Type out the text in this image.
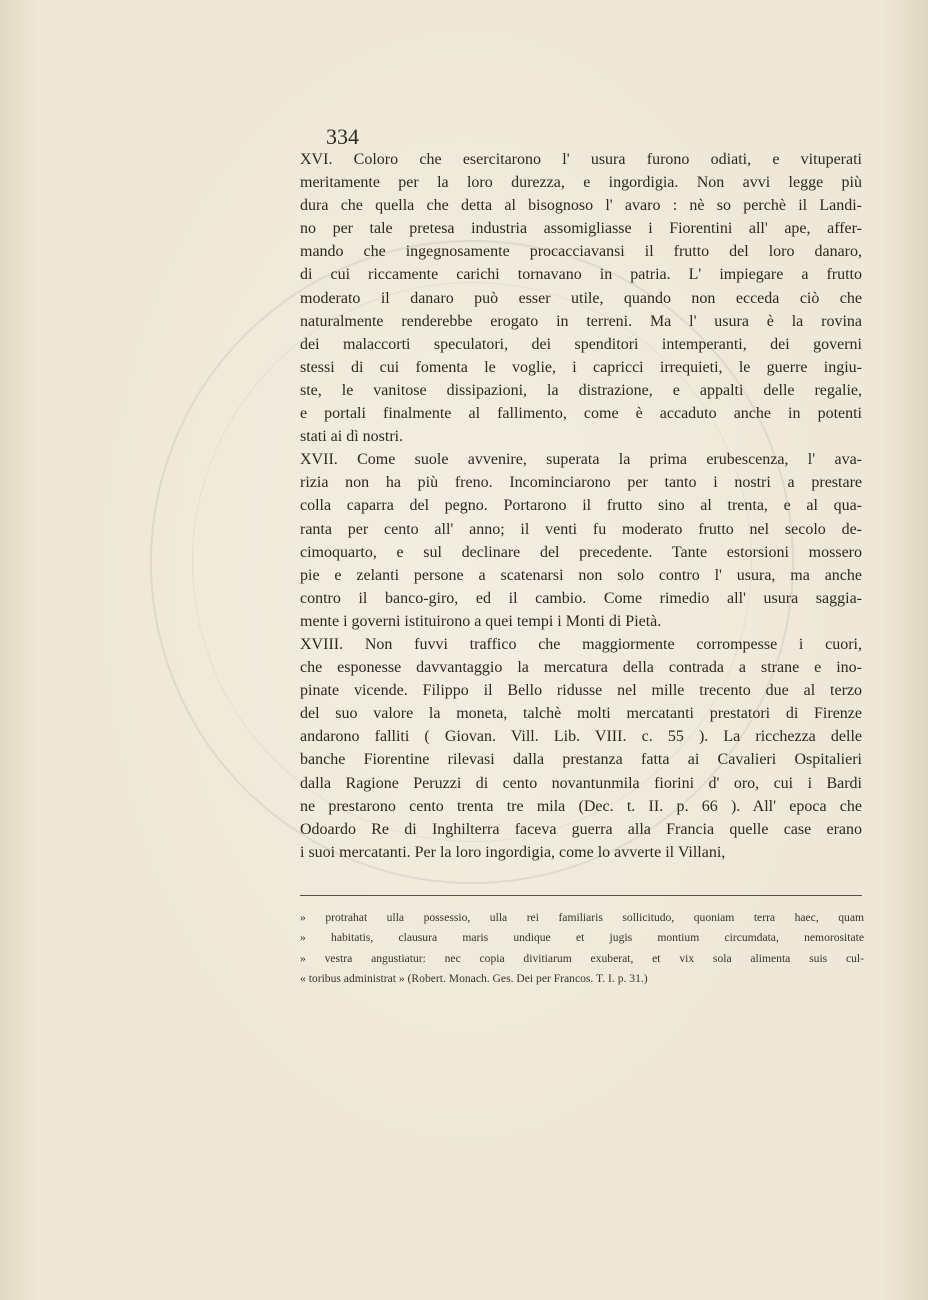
334
XVI. Coloro che esercitarono l' usura furono odiati, e vituperati
meritamente per la loro durezza, e ingordigia. Non avvi legge più
dura che quella che detta al bisognoso l' avaro : nè so perchè il Landi-
no per tale pretesa industria assomigliasse i Fiorentini all' ape, affer-
mando che ingegnosamente procacciavansi il frutto del loro danaro,
di cui riccamente carichi tornavano in patria. L' impiegare a frutto
moderato il danaro può esser utile, quando non ecceda ciò che
naturalmente renderebbe erogato in terreni. Ma l' usura è la rovina
dei malaccorti speculatori, dei spenditori intemperanti, dei governi
stessi di cui fomenta le voglie, i capricci irrequieti, le guerre ingiu-
ste, le vanitose dissipazioni, la distrazione, e appalti delle regalie,
e portali finalmente al fallimento, come è accaduto anche in potenti
stati ai dì nostri.
XVII. Come suole avvenire, superata la prima erubescenza, l' ava-
rizia non ha più freno. Incominciarono per tanto i nostri a prestare
colla caparra del pegno. Portarono il frutto sino al trenta, e al qua-
ranta per cento all' anno; il venti fu moderato frutto nel secolo de-
cimoquarto, e sul declinare del precedente. Tante estorsioni mossero
pie e zelanti persone a scatenarsi non solo contro l' usura, ma anche
contro il banco-giro, ed il cambio. Come rimedio all' usura saggia-
mente i governi istituirono a quei tempi i Monti di Pietà.
XVIII. Non fuvvi traffico che maggiormente corrompesse i cuori,
che esponesse davvantaggio la mercatura della contrada a strane e ino-
pinate vicende. Filippo il Bello ridusse nel mille trecento due al terzo
del suo valore la moneta, talchè molti mercatanti prestatori di Firenze
andarono falliti ( Giovan. Vill. Lib. VIII. c. 55 ). La ricchezza delle
banche Fiorentine rilevasi dalla prestanza fatta ai Cavalieri Ospitalieri
dalla Ragione Peruzzi di cento novantunmila fiorini d' oro, cui i Bardi
ne prestarono cento trenta tre mila (Dec. t. II. p. 66 ). All' epoca che
Odoardo Re di Inghilterra faceva guerra alla Francia quelle case erano
i suoi mercatanti. Per la loro ingordigia, come lo avverte il Villani,
» protrahat ulla possessio, ulla rei familiaris sollicitudo, quoniam terra haec, quam
» habitatis, clausura maris undique et jugis montium circumdata, nemorositate
» vestra angustiatur: nec copia divitiarum exuberat, et vix sola alimenta suis cul-
« toribus administrat » (Robert. Monach. Ges. Dei per Francos. T. I. p. 31.)
